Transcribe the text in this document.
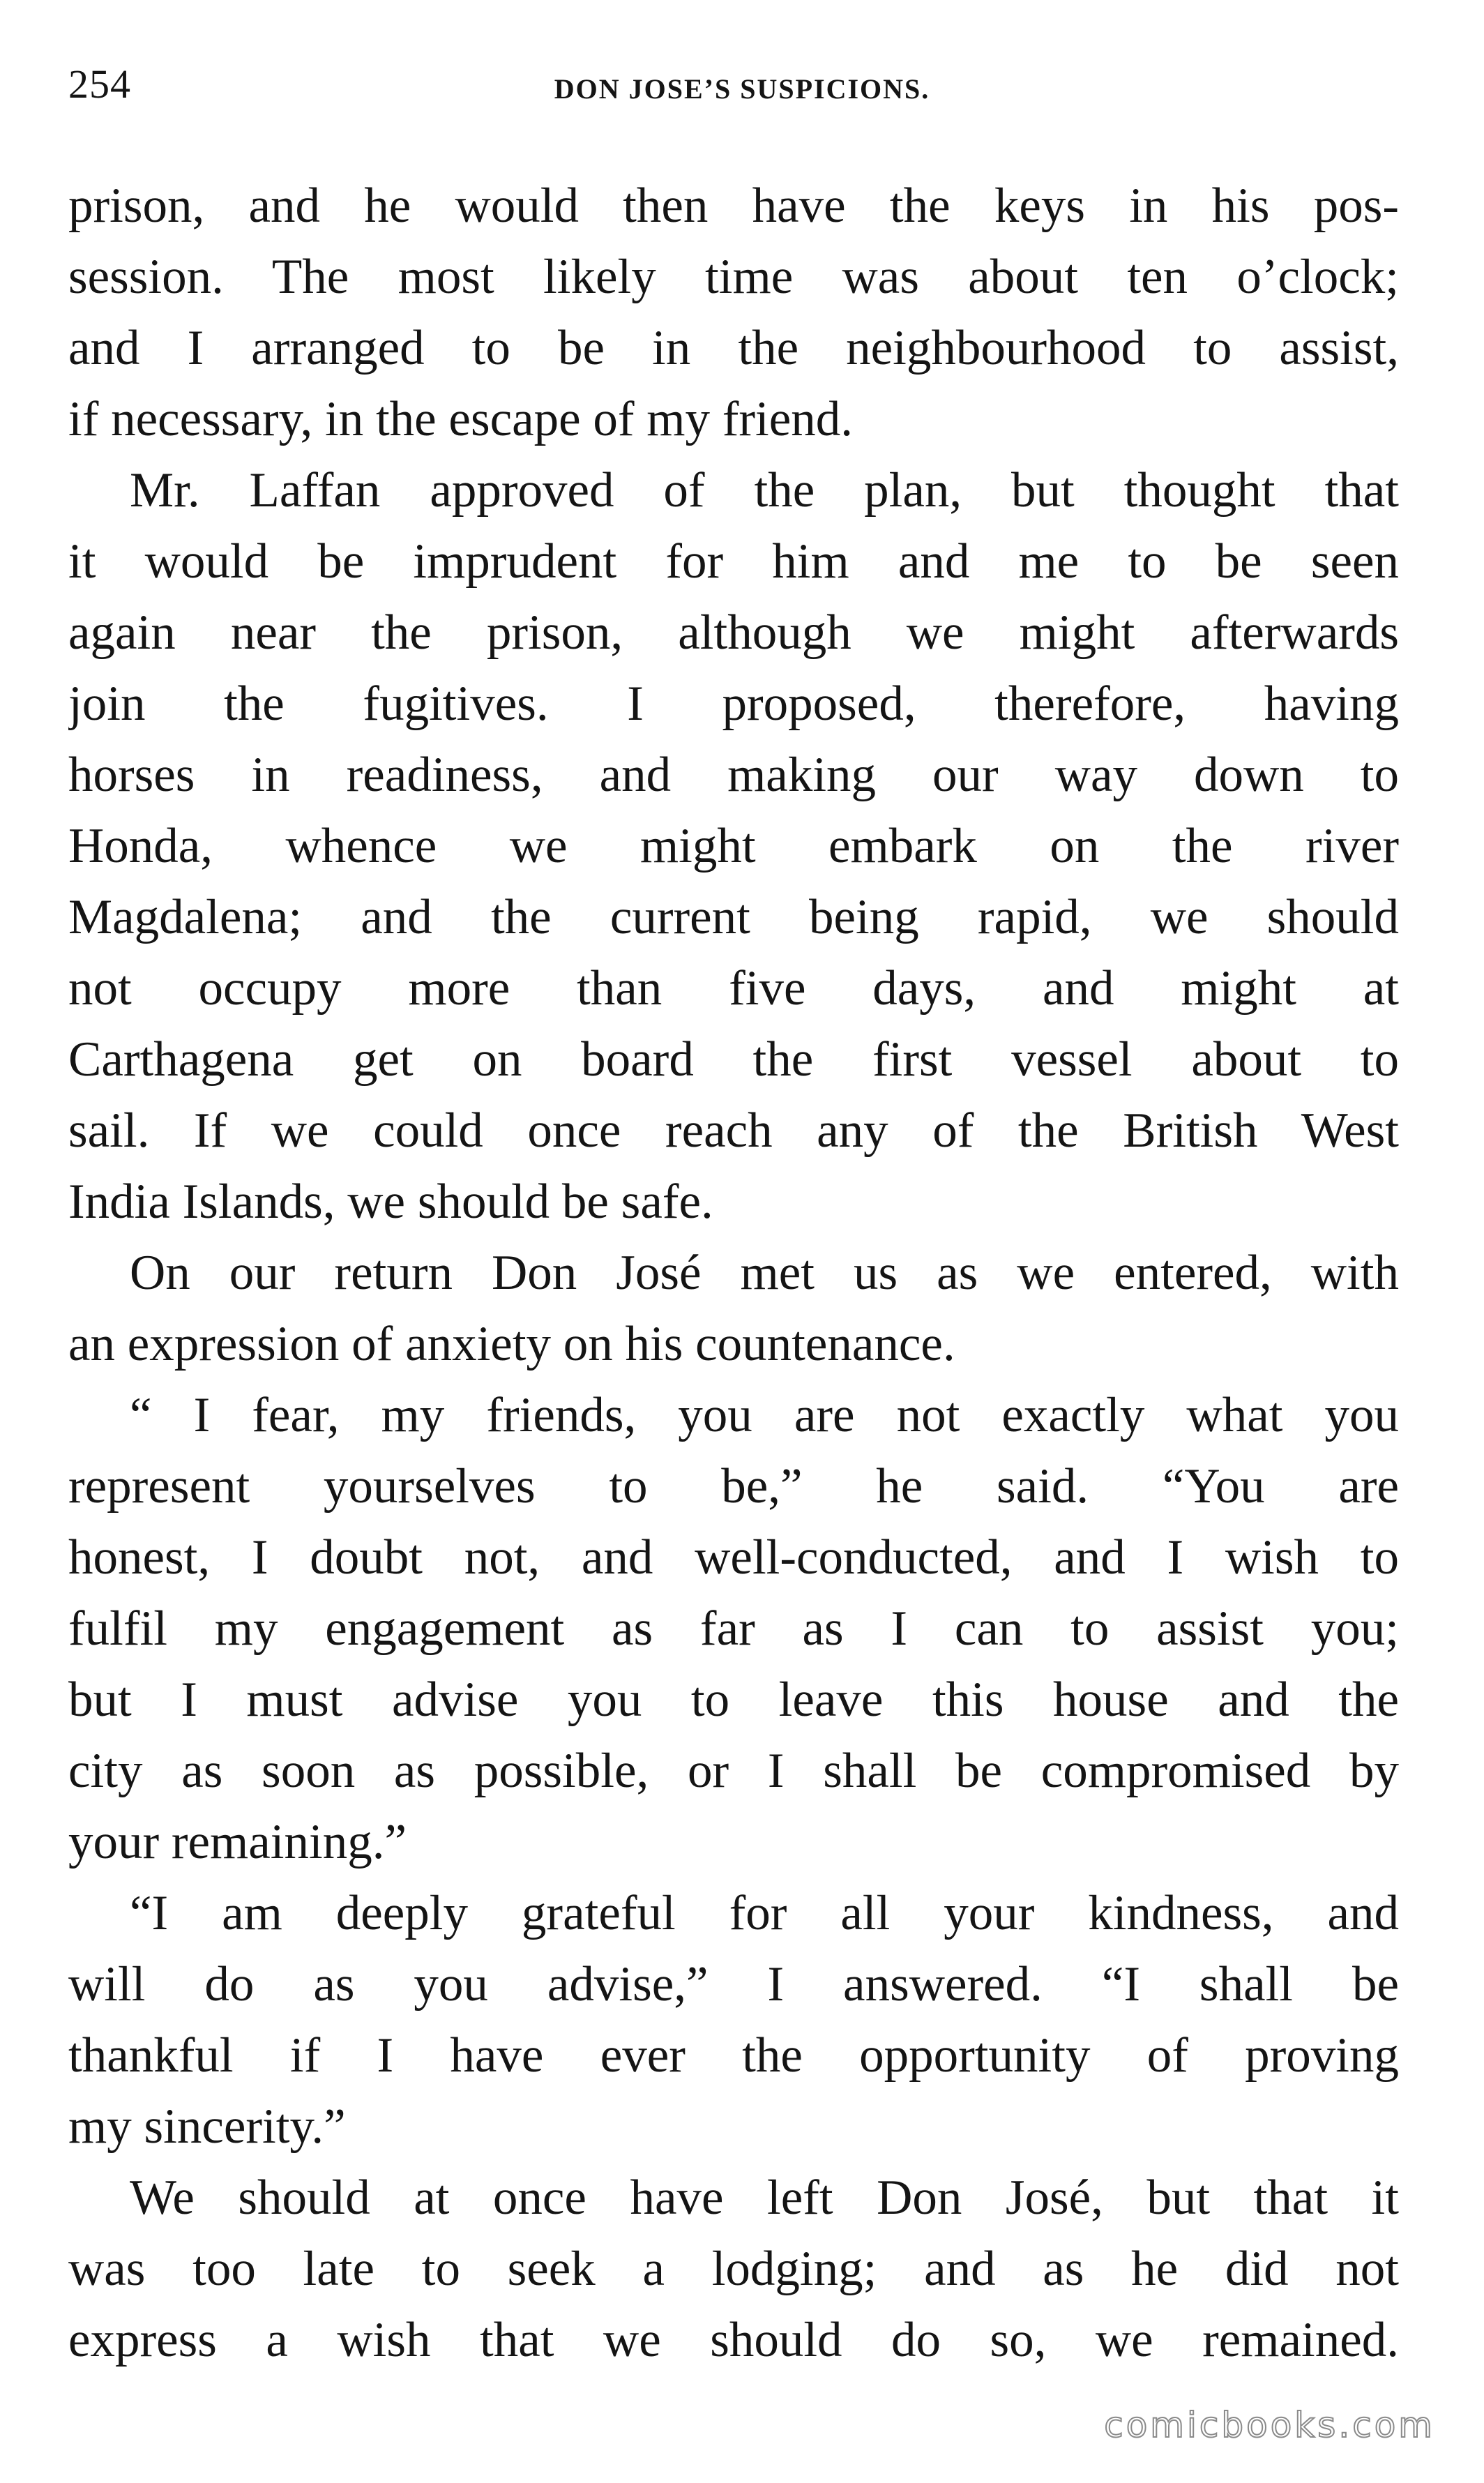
254	DON JOSE’S SUSPICIONS.
prison, and he would then have the keys in his pos-
session. The most likely time was about ten o’clock;
and I arranged to be in the neighbourhood to assist,
if necessary, in the escape of my friend.
Mr. Laffan approved of the plan, but thought that
it would be imprudent for him and me to be seen
again near the prison, although we might afterwards
join the fugitives. I proposed, therefore, having
horses in readiness, and making our way down to
Honda, whence we might embark on the river
Magdalena; and the current being rapid, we should
not occupy more than five days, and might at
Carthagena get on board the first vessel about to
sail. If we could once reach any of the British West
India Islands, we should be safe.
On our return Don José met us as we entered, with
an expression of anxiety on his countenance.
“ I fear, my friends, you are not exactly what you
represent yourselves to be,” he said. “You are
honest, I doubt not, and well-conducted, and I wish to
fulfil my engagement as far as I can to assist you;
but I must advise you to leave this house and the
city as soon as possible, or I shall be compromised by
your remaining.”
“I am deeply grateful for all your kindness, and
will do as you advise,” I answered. “I shall be
thankful if I have ever the opportunity of proving
my sincerity.”
We should at once have left Don José, but that it
was too late to seek a lodging; and as he did not
express a wish that we should do so, we remained.
comicbooks.com
